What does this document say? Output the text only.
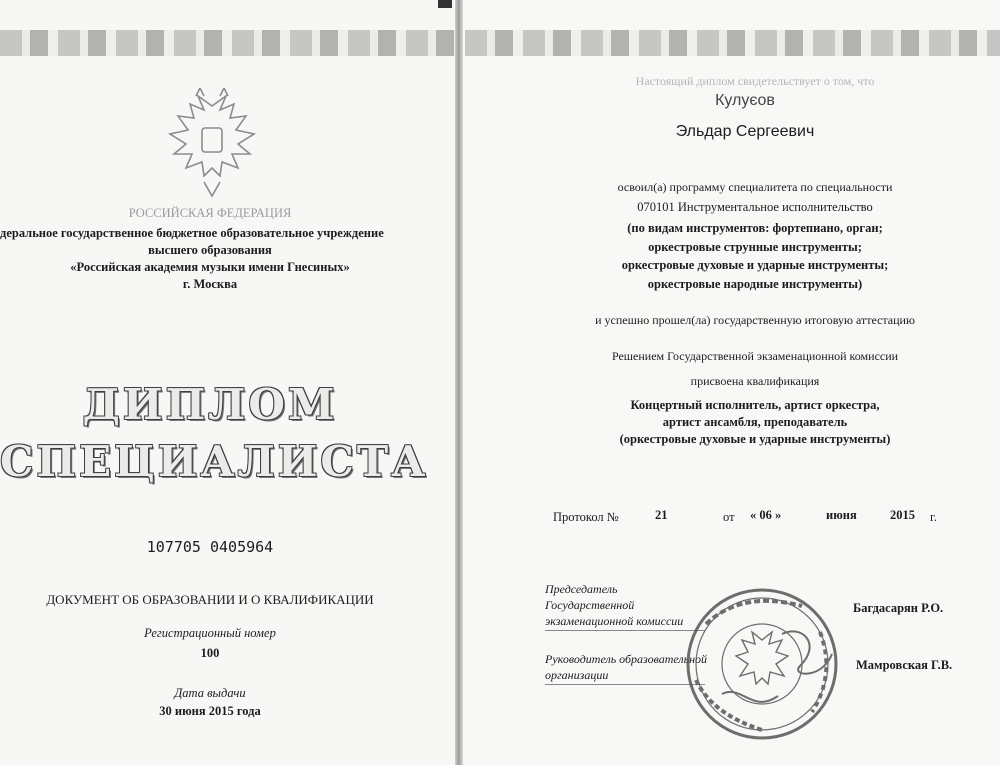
РОССИЙСКАЯ ФЕДЕРАЦИЯ
деральное государственное бюджетное образовательное учреждение
высшего образования
«Российская академия музыки имени Гнесиных»
г. Москва
ДИПЛОМ
СПЕЦИАЛИСТА
107705 0405964
ДОКУМЕНТ ОБ ОБРАЗОВАНИИ И О КВАЛИФИКАЦИИ
Регистрационный номер
100
Дата выдачи
30 июня 2015 года
Настоящий диплом свидетельствует о том, что
Кулуєов
Эльдар Сергеевич
освоил(а) программу специалитета по специальности
070101 Инструментальное исполнительство
(по видам инструментов: фортепиано, орган;
оркестровые струнные инструменты;
оркестровые духовые и ударные инструменты;
оркестровые народные инструменты)
и успешно прошел(ла) государственную итоговую аттестацию
Решением Государственной экзаменационной комиссии
присвоена квалификация
Концертный исполнитель, артист оркестра,
артист ансамбля, преподаватель
(оркестровые духовые и ударные инструменты)
Протокол №	21	от « 06 »	июня	2015 г.
Председатель
Государственной
экзаменационной комиссии
Багдасарян Р.О.
Руководитель образовательной
организации
Мамровская Г.В.
